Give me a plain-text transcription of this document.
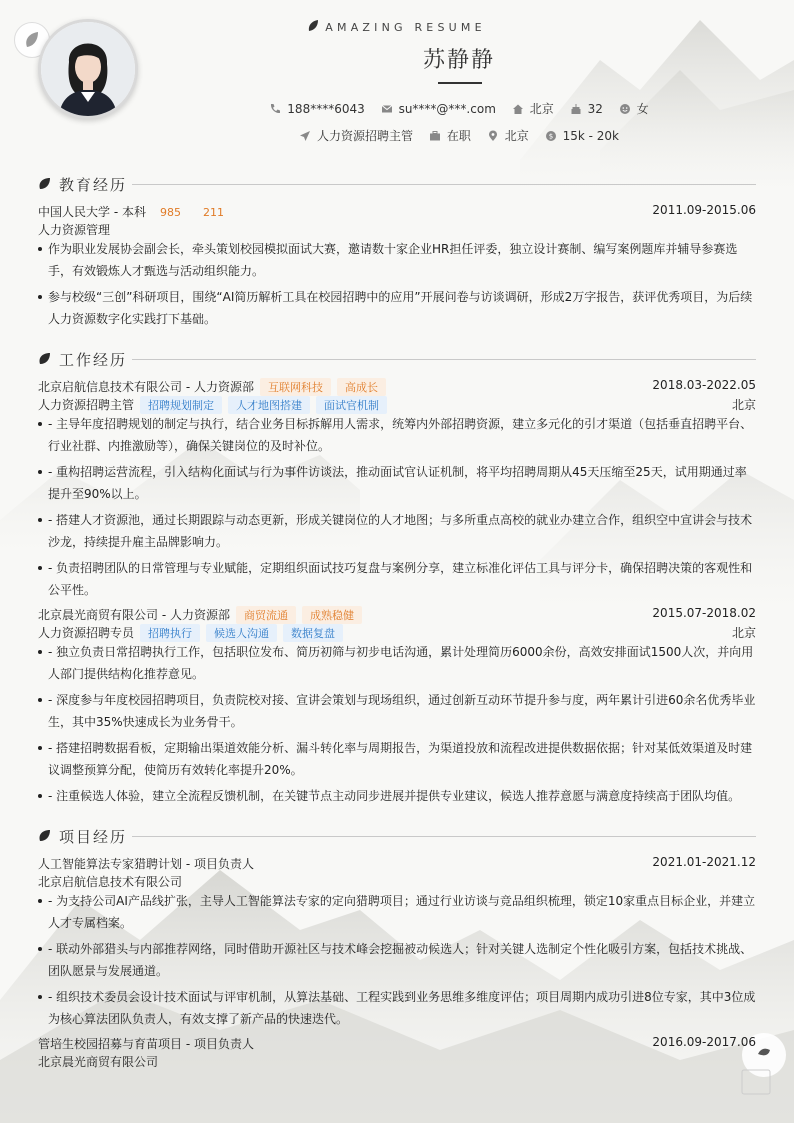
AMAZING RESUME
苏静静
188****6043	su****@***.com	北京	32	女
人力资源招聘主管	在职	北京	$ 15k - 20k
教育经历
中国人民大学 - 本科 985 211	2011.09-2015.06
人力资源管理
作为职业发展协会副会长，牵头策划校园模拟面试大赛，邀请数十家企业HR担任评委，独立设计赛制、编写案例题库并辅导参赛选手，有效锻炼人才甄选与活动组织能力。
参与校级“三创”科研项目，围绕“AI简历解析工具在校园招聘中的应用”开展问卷与访谈调研，形成2万字报告，获评优秀项目，为后续人力资源数字化实践打下基础。
工作经历
北京启航信息技术有限公司 - 人力资源部 互联网科技 高成长	2018.03-2022.05
人力资源招聘主管 招聘规划制定 人才地图搭建 面试官机制	北京
- 主导年度招聘规划的制定与执行，结合业务目标拆解用人需求，统筹内外部招聘资源，建立多元化的引才渠道（包括垂直招聘平台、行业社群、内推激励等），确保关键岗位的及时补位。
- 重构招聘运营流程，引入结构化面试与行为事件访谈法，推动面试官认证机制，将平均招聘周期从45天压缩至25天，试用期通过率提升至90%以上。
- 搭建人才资源池，通过长期跟踪与动态更新，形成关键岗位的人才地图；与多所重点高校的就业办建立合作，组织空中宣讲会与技术沙龙，持续提升雇主品牌影响力。
- 负责招聘团队的日常管理与专业赋能，定期组织面试技巧复盘与案例分享，建立标准化评估工具与评分卡，确保招聘决策的客观性和公平性。
北京晨光商贸有限公司 - 人力资源部 商贸流通 成熟稳健	2015.07-2018.02
人力资源招聘专员 招聘执行 候选人沟通 数据复盘	北京
- 独立负责日常招聘执行工作，包括职位发布、简历初筛与初步电话沟通，累计处理简历6000余份，高效安排面试1500人次，并向用人部门提供结构化推荐意见。
- 深度参与年度校园招聘项目，负责院校对接、宣讲会策划与现场组织，通过创新互动环节提升参与度，两年累计引进60余名优秀毕业生，其中35%快速成长为业务骨干。
- 搭建招聘数据看板，定期输出渠道效能分析、漏斗转化率与周期报告，为渠道投放和流程改进提供数据依据；针对某低效渠道及时建议调整预算分配，使简历有效转化率提升20%。
- 注重候选人体验，建立全流程反馈机制，在关键节点主动同步进展并提供专业建议，候选人推荐意愿与满意度持续高于团队均值。
项目经历
人工智能算法专家猎聘计划 - 项目负责人	2021.01-2021.12
北京启航信息技术有限公司
- 为支持公司AI产品线扩张，主导人工智能算法专家的定向猎聘项目；通过行业访谈与竞品组织梳理，锁定10家重点目标企业，并建立人才专属档案。
- 联动外部猎头与内部推荐网络，同时借助开源社区与技术峰会挖掘被动候选人；针对关键人选制定个性化吸引方案，包括技术挑战、团队愿景与发展通道。
- 组织技术委员会设计技术面试与评审机制，从算法基础、工程实践到业务思维多维度评估；项目周期内成功引进8位专家，其中3位成为核心算法团队负责人，有效支撑了新产品的快速迭代。
管培生校园招募与育苗项目 - 项目负责人	2016.09-2017.06
北京晨光商贸有限公司
